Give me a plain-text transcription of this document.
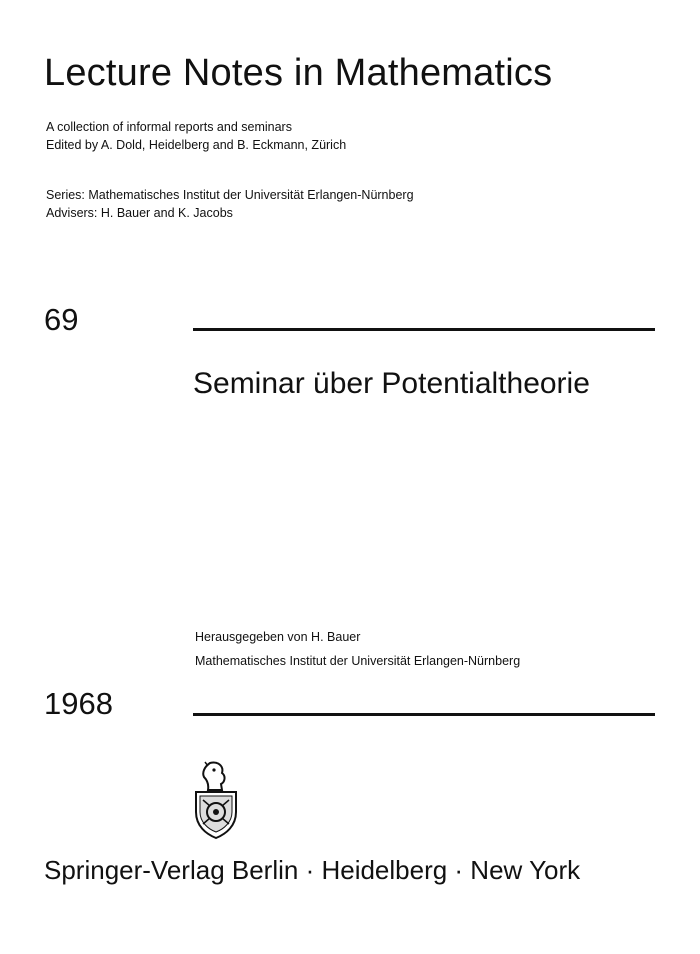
Lecture Notes in Mathematics
A collection of informal reports and seminars
Edited by A. Dold, Heidelberg and B. Eckmann, Zürich
Series: Mathematisches Institut der Universität Erlangen-Nürnberg
Advisers: H. Bauer and K. Jacobs
69
Seminar über Potentialtheorie
Herausgegeben von H. Bauer
Mathematisches Institut der Universität Erlangen-Nürnberg
1968
Springer-Verlag Berlin · Heidelberg · New York
